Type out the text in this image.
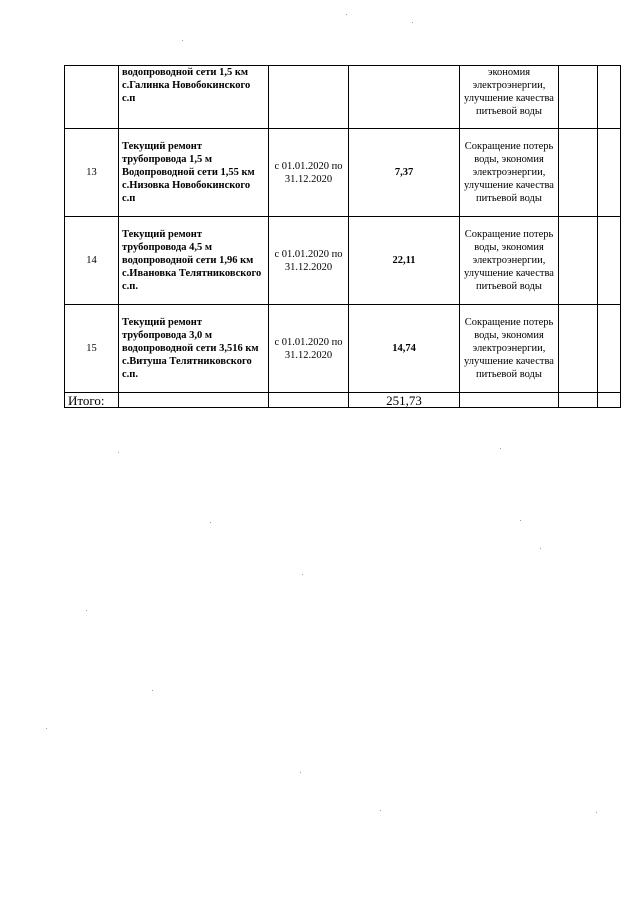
	водопроводной сети 1,5 км с.Галинка Новобокинского с.п			экономия электроэнергии, улучшение качества питьевой воды		
13	Текущий ремонт трубопровода 1,5 м Водопроводной сети 1,55 км с.Низовка Новобокинского с.п	с 01.01.2020 по 31.12.2020	7,37	Сокращение потерь воды, экономия электроэнергии, улучшение качества питьевой воды		
14	Текущий ремонт трубопровода 4,5 м водопроводной сети 1,96 км с.Ивановка Телятниковского с.п.	с 01.01.2020 по 31.12.2020	22,11	Сокращение потерь воды, экономия электроэнергии, улучшение качества питьевой воды		
15	Текущий ремонт трубопровода 3,0 м водопроводной сети 3,516 км с.Витуша Телятниковского с.п.	с 01.01.2020 по 31.12.2020	14,74	Сокращение потерь воды, экономия электроэнергии, улучшение качества питьевой воды		
Итого:			251,73			
